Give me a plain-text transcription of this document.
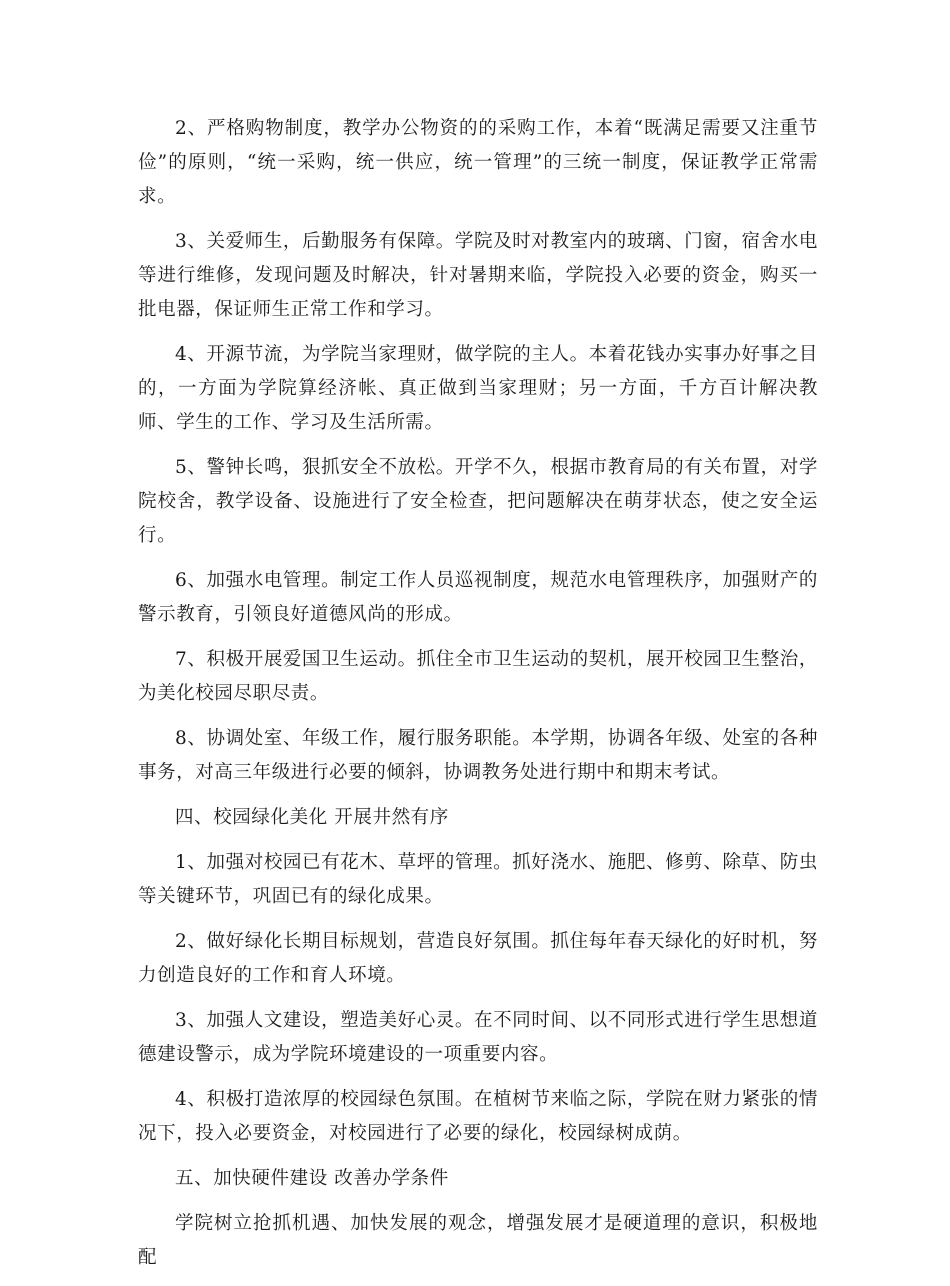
2、严格购物制度，教学办公物资的的采购工作，本着“既满足需要又注重节俭”的原则，“统一采购，统一供应，统一管理”的三统一制度，保证教学正常需求。

3、关爱师生，后勤服务有保障。学院及时对教室内的玻璃、门窗，宿舍水电等进行维修，发现问题及时解决，针对暑期来临，学院投入必要的资金，购买一批电器，保证师生正常工作和学习。

4、开源节流，为学院当家理财，做学院的主人。本着花钱办实事办好事之目的，一方面为学院算经济帐、真正做到当家理财；另一方面，千方百计解决教师、学生的工作、学习及生活所需。

5、警钟长鸣，狠抓安全不放松。开学不久，根据市教育局的有关布置，对学院校舍，教学设备、设施进行了安全检查，把问题解决在萌芽状态，使之安全运行。

6、加强水电管理。制定工作人员巡视制度，规范水电管理秩序，加强财产的警示教育，引领良好道德风尚的形成。

7、积极开展爱国卫生运动。抓住全市卫生运动的契机，展开校园卫生整治，为美化校园尽职尽责。

8、协调处室、年级工作，履行服务职能。本学期，协调各年级、处室的各种事务，对高三年级进行必要的倾斜，协调教务处进行期中和期末考试。

四、校园绿化美化 开展井然有序

1、加强对校园已有花木、草坪的管理。抓好浇水、施肥、修剪、除草、防虫等关键环节，巩固已有的绿化成果。

2、做好绿化长期目标规划，营造良好氛围。抓住每年春天绿化的好时机，努力创造良好的工作和育人环境。

3、加强人文建设，塑造美好心灵。在不同时间、以不同形式进行学生思想道德建设警示，成为学院环境建设的一项重要内容。

4、积极打造浓厚的校园绿色氛围。在植树节来临之际，学院在财力紧张的情况下，投入必要资金，对校园进行了必要的绿化，校园绿树成荫。

五、加快硬件建设 改善办学条件

学院树立抢抓机遇、加快发展的观念，增强发展才是硬道理的意识，积极地配
